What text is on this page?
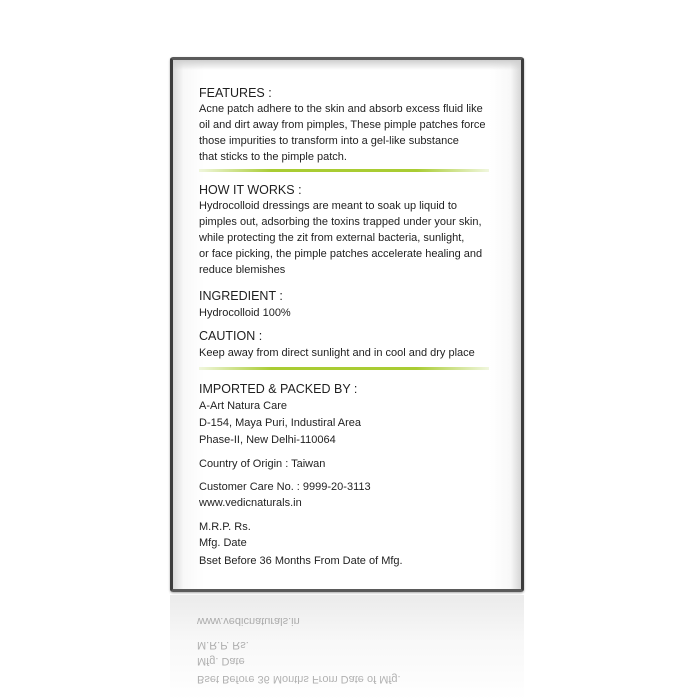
FEATURES :
Acne patch adhere to the skin and absorb excess fluid like
oil and dirt away from pimples, These pimple patches force
those impurities to transform into a gel-like substance
that sticks to the pimple patch.
HOW IT WORKS :
Hydrocolloid dressings are meant to soak up liquid to
pimples out, adsorbing the toxins trapped under your skin,
while protecting the zit from external bacteria, sunlight,
or face picking, the pimple patches accelerate healing and
reduce blemishes
INGREDIENT :
Hydrocolloid 100%
CAUTION :
Keep away from direct sunlight and in cool and dry place
IMPORTED & PACKED BY :
A-Art Natura Care
D-154, Maya Puri, Industiral Area
Phase-II, New Delhi-110064
Country of Origin : Taiwan
Customer Care No. : 9999-20-3113
www.vedicnaturals.in
M.R.P. Rs.
Mfg. Date
Bset Before 36 Months From Date of Mfg.
Bset Before 36 Months From Date of Mfg.
Mfg. Date
M.R.P. Rs.
www.vedicnaturals.in
